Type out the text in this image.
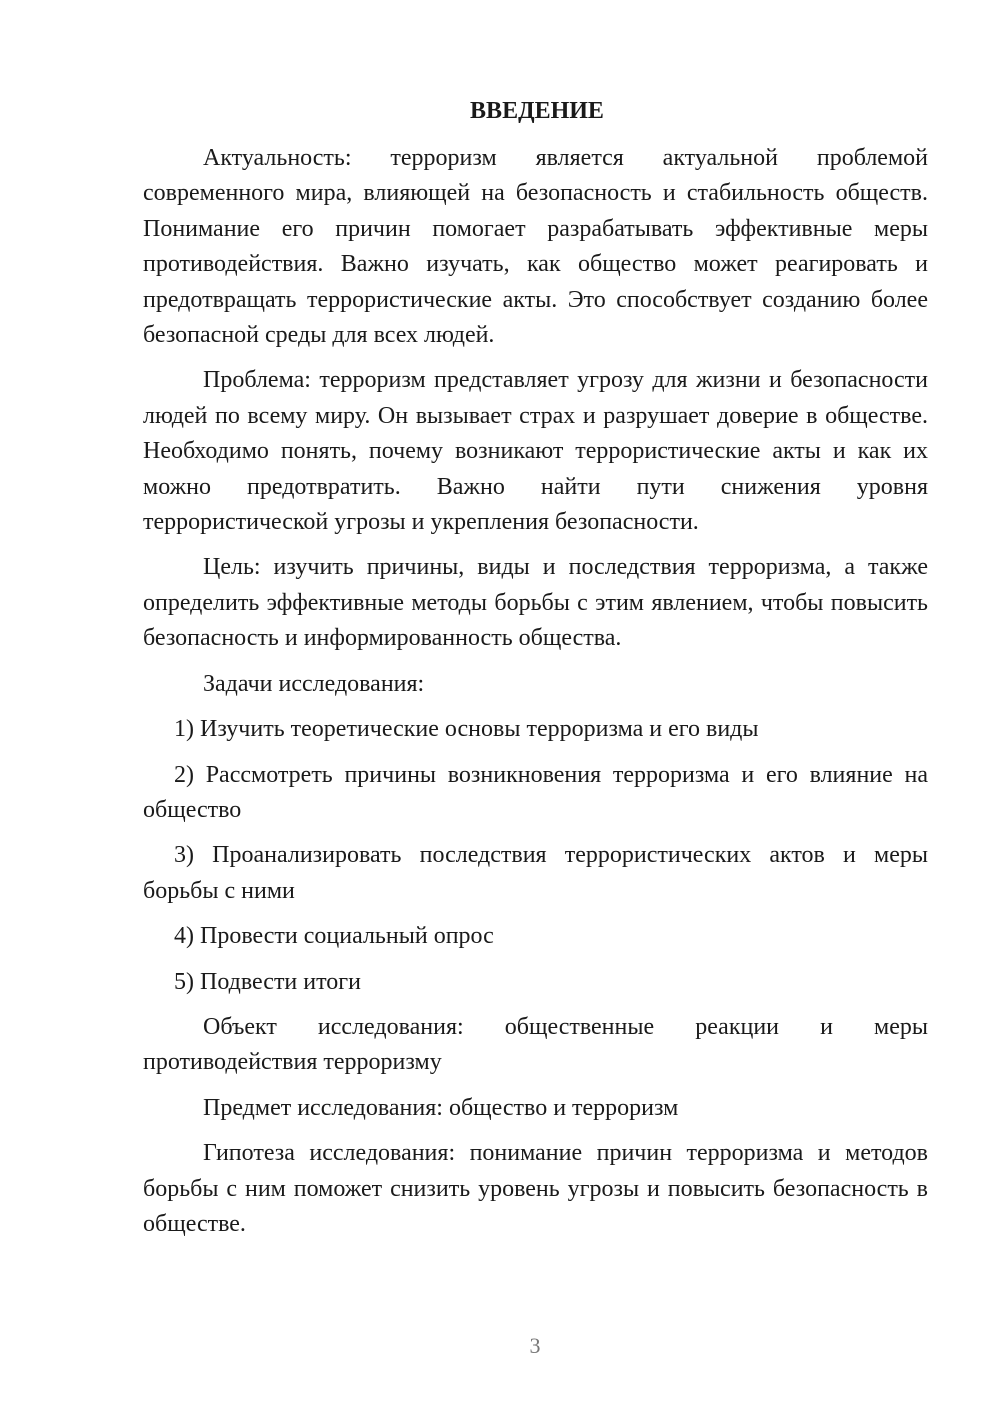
ВВЕДЕНИЕ

Актуальность: терроризм является актуальной проблемой современного мира, влияющей на безопасность и стабильность обществ. Понимание его причин помогает разрабатывать эффективные меры противодействия. Важно изучать, как общество может реагировать и предотвращать террористические акты. Это способствует созданию более безопасной среды для всех людей.

Проблема: терроризм представляет угрозу для жизни и безопасности людей по всему миру. Он вызывает страх и разрушает доверие в обществе. Необходимо понять, почему возникают террористические акты и как их можно предотвратить. Важно найти пути снижения уровня террористической угрозы и укрепления безопасности.

Цель: изучить причины, виды и последствия терроризма, а также определить эффективные методы борьбы с этим явлением, чтобы повысить безопасность и информированность общества.

Задачи исследования:

1) Изучить теоретические основы терроризма и его виды

2) Рассмотреть причины возникновения терроризма и его влияние на общество

3) Проанализировать последствия террористических актов и меры борьбы с ними

4) Провести социальный опрос

5) Подвести итоги

Объект исследования: общественные реакции и меры противодействия терроризму

Предмет исследования: общество и терроризм

Гипотеза исследования: понимание причин терроризма и методов борьбы с ним поможет снизить уровень угрозы и повысить безопасность в обществе.

3
